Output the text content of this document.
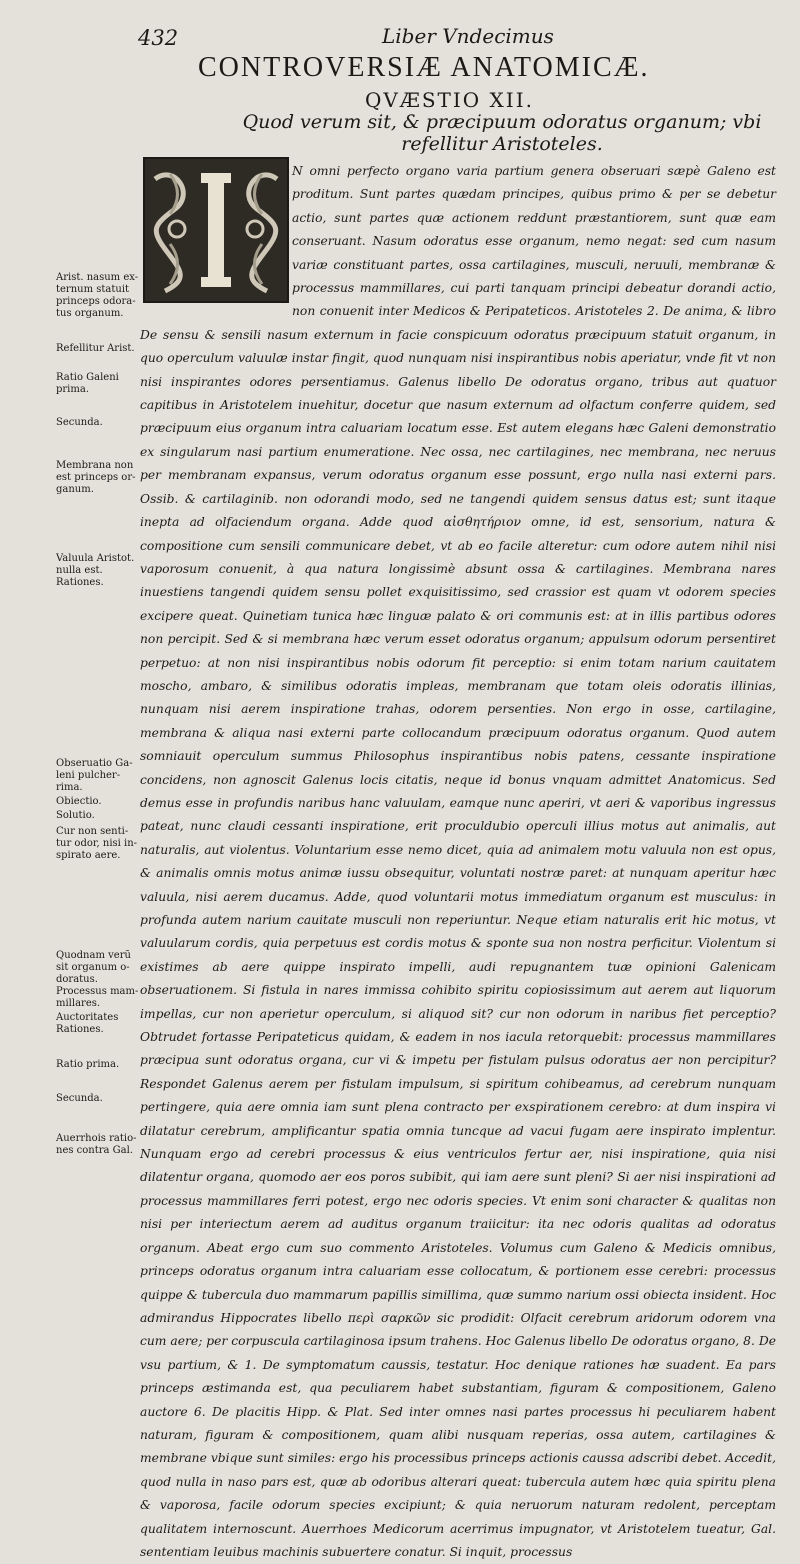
432	Liber Vndecimus
CONTROVERSIÆ ANATOMICÆ.
QVÆSTIO XII.
Quod verum sit, & præcipuum odoratus organum; vbi
refellitur Aristoteles.

N omni perfecto organo varia partium genera obseruari sæpè Galeno est proditum. Sunt partes quædam principes, quibus primo & per se debetur actio, sunt partes quæ actionem reddunt præstantiorem, sunt quæ eam conseruant. Nasum odoratus esse organum, nemo negat: sed cum nasum variæ constituant partes, ossa cartilagines, musculi, neruuli, membranæ & processus mammillares, cui parti tanquam principi debeatur dorandi actio, non conuenit inter Medicos & Peripateticos. Aristoteles 2. De anima, & libro De sensu & sensili nasum externum in facie conspicuum odoratus præcipuum statuit organum, in quo operculum valuulæ instar fingit, quod nunquam nisi inspirantibus nobis aperiatur, vnde fit vt non nisi inspirantes odores persentiamus. Galenus libello De odoratus organo, tribus aut quatuor capitibus in Aristotelem inuehitur, docetur que nasum externum ad olfactum conferre quidem, sed præcipuum eius organum intra caluariam locatum esse. Est autem elegans hæc Galeni demonstratio ex singularum nasi partium enumeratione. Nec ossa, nec cartilagines, nec membrana, nec neruus per membranam expansus, verum odoratus organum esse possunt, ergo nulla nasi externi pars. Ossib. & cartilaginib. non odorandi modo, sed ne tangendi quidem sensus datus est; sunt itaque inepta ad olfaciendum organa. Adde quod αἰσθητήριον omne, id est, sensorium, natura & compositione cum sensili communicare debet, vt ab eo facile alteretur: cum odore autem nihil nisi vaporosum conuenit, à qua natura longissimè absunt ossa & cartilagines. Membrana nares inuestiens tangendi quidem sensu pollet exquisitissimo, sed crassior est quam vt odorem species excipere queat. Quinetiam tunica hæc linguæ palato & ori communis est: at in illis partibus odores non percipit. Sed & si membrana hæc verum esset odoratus organum; appulsum odorum persentiret perpetuo: at non nisi inspirantibus nobis odorum fit perceptio: si enim totam narium cauitatem moscho, ambaro, & similibus odoratis impleas, membranam que totam oleis odoratis illinias, nunquam nisi aerem inspiratione trahas, odorem persenties. Non ergo in osse, cartilagine, membrana & aliqua nasi externi parte collocandum præcipuum odoratus organum. Quod autem somniauit operculum summus Philosophus inspirantibus nobis patens, cessante inspiratione concidens, non agnoscit Galenus locis citatis, neque id bonus vnquam admittet Anatomicus. Sed demus esse in profundis naribus hanc valuulam, eamque nunc aperiri, vt aeri & vaporibus ingressus pateat, nunc claudi cessanti inspiratione, erit proculdubio operculi illius motus aut animalis, aut naturalis, aut violentus. Voluntarium esse nemo dicet, quia ad animalem motu valuula non est opus, & animalis omnis motus animæ iussu obsequitur, voluntati nostræ paret: at nunquam aperitur hæc valuula, nisi aerem ducamus. Adde, quod voluntarii motus immediatum organum est musculus: in profunda autem narium cauitate musculi non reperiuntur. Neque etiam naturalis erit hic motus, vt valuularum cordis, quia perpetuus est cordis motus & sponte sua non nostra perficitur. Violentum si existimes ab aere quippe inspirato impelli, audi repugnantem tuæ opinioni Galenicam obseruationem. Si fistula in nares immissa cohibito spiritu copiosissimum aut aerem aut liquorum impellas, cur non aperietur operculum, si aliquod sit? cur non odorum in naribus fiet perceptio? Obtrudet fortasse Peripateticus quidam, & eadem in nos iacula retorquebit: processus mammillares præcipua sunt odoratus organa, cur vi & impetu per fistulam pulsus odoratus aer non percipitur? Respondet Galenus aerem per fistulam impulsum, si spiritum cohibeamus, ad cerebrum nunquam pertingere, quia aere omnia iam sunt plena contracto per exspirationem cerebro: at dum inspira vi dilatatur cerebrum, amplificantur spatia omnia tuncque ad vacui fugam aere inspirato implentur. Nunquam ergo ad cerebri processus & eius ventriculos fertur aer, nisi inspiratione, quia nisi dilatentur organa, quomodo aer eos poros subibit, qui iam aere sunt pleni? Si aer nisi inspirationi ad processus mammillares ferri potest, ergo nec odoris species. Vt enim soni character & qualitas non nisi per interiectum aerem ad auditus organum traiicitur: ita nec odoris qualitas ad odoratus organum. Abeat ergo cum suo commento Aristoteles. Volumus cum Galeno & Medicis omnibus, princeps odoratus organum intra caluariam esse collocatum, & portionem esse cerebri: processus quippe & tubercula duo mammarum papillis simillima, quæ summo narium ossi obiecta insident. Hoc admirandus Hippocrates libello περὶ σαρκῶν sic prodidit: Olfacit cerebrum aridorum odorem vna cum aere; per corpuscula cartilaginosa ipsum trahens. Hoc Galenus libello De odoratus organo, 8. De vsu partium, & 1. De symptomatum caussis, testatur. Hoc denique rationes hæ suadent. Ea pars princeps æstimanda est, qua peculiarem habet substantiam, figuram & compositionem, Galeno auctore 6. De placitis Hipp. & Plat. Sed inter omnes nasi partes processus hi peculiarem habent naturam, figuram & compositionem, quam alibi nusquam reperias, ossa autem, cartilagines & membrane vbique sunt similes: ergo his processibus princeps actionis caussa adscribi debet. Accedit, quod nulla in naso pars est, quæ ab odoribus alterari queat: tubercula autem hæc quia spiritu plena & vaporosa, facile odorum species excipiunt; & quia neruorum naturam redolent, perceptam qualitatem internoscunt. Auerrhoes Medicorum acerrimus impugnator, vt Aristotelem tueatur, Gal. sententiam leuibus machinis subuertere conatur. Si inquit, processus

Arist. nasum ex-
ternum statuit
princeps odora-
tus organum.
Refellitur Arist.
Ratio Galeni
prima.
Secunda.
Membrana non
est princeps or-
ganum.
Valuula Aristot.
nulla est.
Rationes.
Obseruatio Ga-
leni pulcher-
rima.
Obiectio.
Solutio.
Cur non senti-
tur odor, nisi in-
spirato aere.
Quodnam verũ
sit organum o-
doratus.
Processus mam-
millares.
Auctoritates
Rationes.
Ratio prima.
Secunda.
Auerrhois ratio-
nes contra Gal.
